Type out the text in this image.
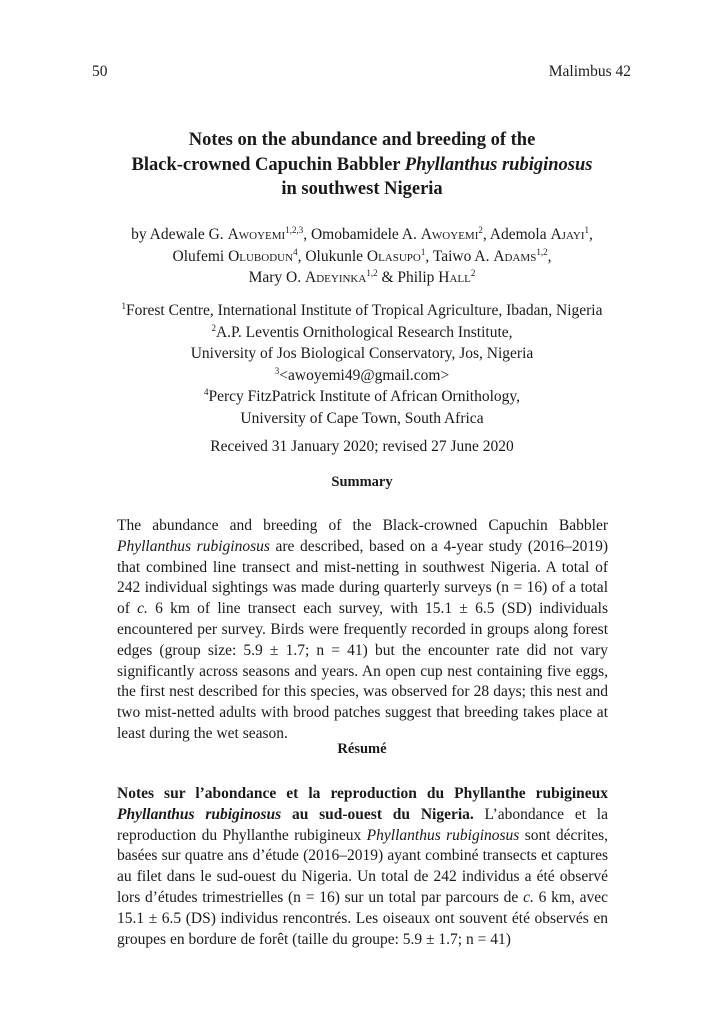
50	Malimbus 42
Notes on the abundance and breeding of the
Black-crowned Capuchin Babbler Phyllanthus rubiginosus
in southwest Nigeria
by Adewale G. Awoyemi$^{1,2,3}$, Omobamidele A. Awoyemi$^2$, Ademola Ajayi$^1$,
Olufemi Olubodun$^4$, Olukunle Olasupo$^1$, Taiwo A. Adams$^{1,2}$,
Mary O. Adeyinka$^{1,2}$ & Philip Hall$^2$
$^1$Forest Centre, International Institute of Tropical Agriculture, Ibadan, Nigeria
$^2$A.P. Leventis Ornithological Research Institute,
University of Jos Biological Conservatory, Jos, Nigeria
$^3$<awoyemi49@gmail.com>
$^4$Percy FitzPatrick Institute of African Ornithology,
University of Cape Town, South Africa
Received 31 January 2020; revised 27 June 2020
Summary
The abundance and breeding of the Black-crowned Capuchin Babbler Phyllanthus rubiginosus are described, based on a 4-year study (2016–2019) that combined line transect and mist-netting in southwest Nigeria. A total of 242 individual sightings was made during quarterly surveys (n = 16) of a total of c. 6 km of line transect each survey, with 15.1 ± 6.5 (SD) individuals encountered per survey. Birds were frequently recorded in groups along forest edges (group size: 5.9 ± 1.7; n = 41) but the encounter rate did not vary significantly across seasons and years. An open cup nest containing five eggs, the first nest described for this species, was observed for 28 days; this nest and two mist-netted adults with brood patches suggest that breeding takes place at least during the wet season.
Résumé
Notes sur l’abondance et la reproduction du Phyllanthe rubigineux Phyllanthus rubiginosus au sud-ouest du Nigeria. L’abondance et la reproduction du Phyllanthe rubigineux Phyllanthus rubiginosus sont décrites, basées sur quatre ans d’étude (2016–2019) ayant combiné transects et captures au filet dans le sud-ouest du Nigeria. Un total de 242 individus a été observé lors d’études trimestrielles (n = 16) sur un total par parcours de c. 6 km, avec 15.1 ± 6.5 (DS) individus rencontrés. Les oiseaux ont souvent été observés en groupes en bordure de forêt (taille du groupe: 5.9 ± 1.7; n = 41)
